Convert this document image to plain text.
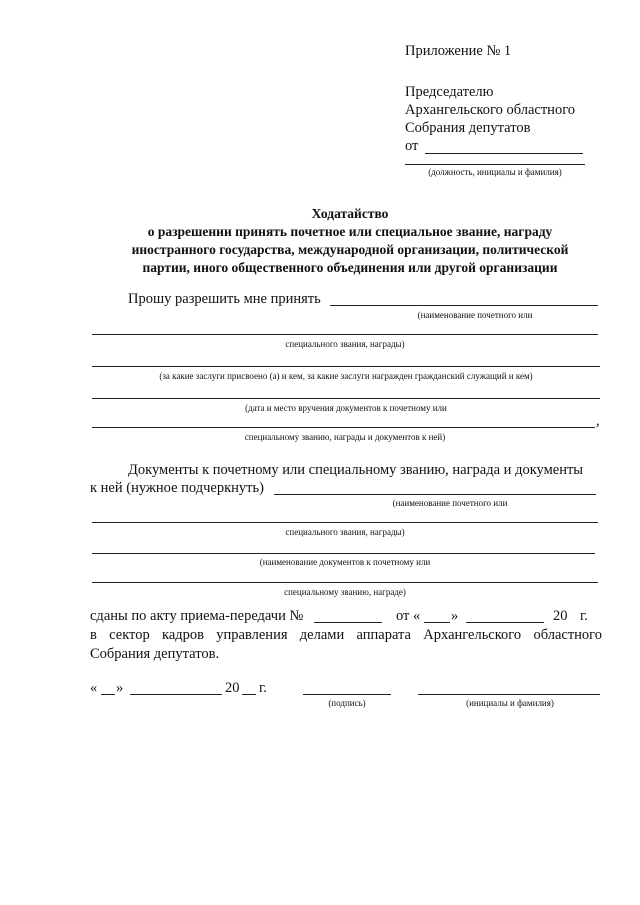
Приложение № 1
Председателю
Архангельского областного
Собрания депутатов
от
(должность, инициалы и фамилия)
Ходатайство
о разрешении принять почетное или специальное звание, награду
иностранного государства, международной организации, политической
партии, иного общественного объединения или другой организации
Прошу разрешить мне принять
(наименование почетного или
специального звания, награды)
(за какие заслуги присвоено (а) и кем, за какие заслуги награжден гражданский служащий и кем)
(дата и место вручения документов к почетному или
,
специальному званию, награды и документов к ней)
Документы к почетному или специальному званию, награда и документы
к ней (нужное подчеркнуть)
(наименование почетного или
специального звания, награды)
(наименование документов к почетному или
специальному званию, награде)
сданы по акту приема-передачи №	от « »	20 г.
в сектор кадров управления делами аппарата Архангельского областного
Собрания депутатов.
« »	20 г.
(подпись)	(инициалы и фамилия)
